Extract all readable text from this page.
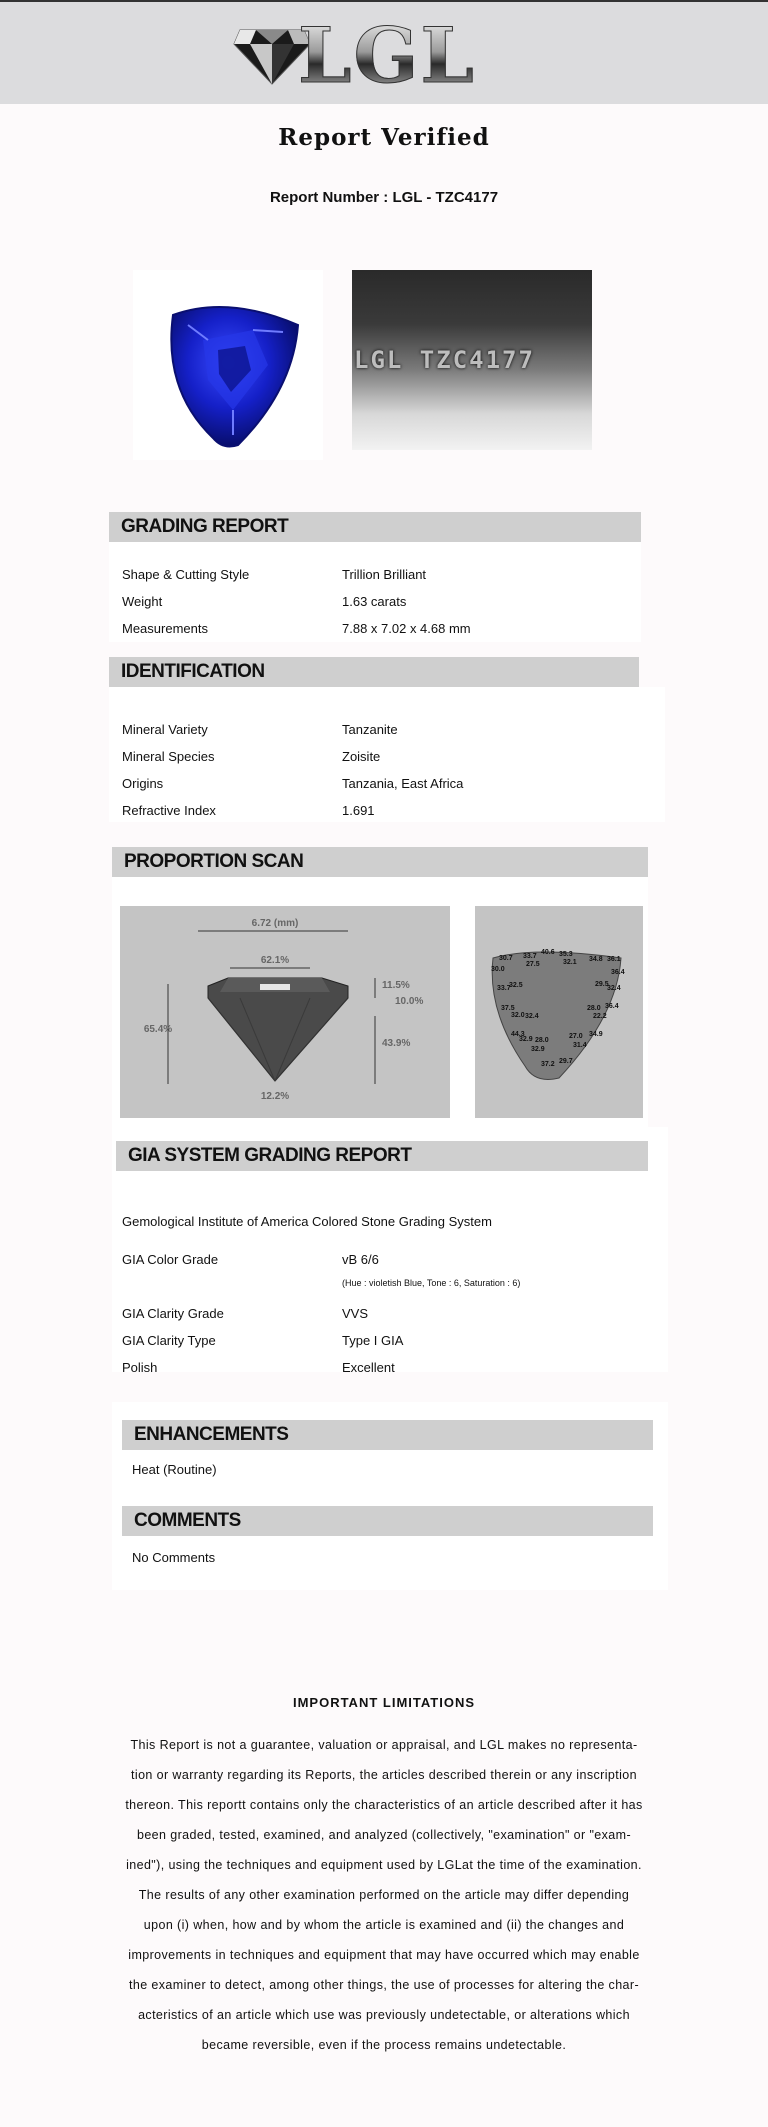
LGL
Report Verified
Report Number : LGL - TZC4177
LGL TZC4177
GRADING REPORT
Shape & Cutting Style	Trillion Brilliant
Weight	1.63 carats
Measurements	7.88 x 7.02 x 4.68 mm
IDENTIFICATION
Mineral Variety	Tanzanite
Mineral Species	Zoisite
Origins	Tanzania, East Africa
Refractive Index	1.691
PROPORTION SCAN
6.72 (mm)
62.1%
65.4%
11.5%
10.0%
43.9%
12.2%
30.7 33.7
40.6 35.3
34.8 36.1
30.0
27.5	32.1
36.4
33.7
32.5	29.5
32.4
37.5	28.0 36.4
32.0 32.4	22.2
44.3
32.9 28.0
27.0 34.9
32.9
31.4
37.2 29.7
GIA SYSTEM GRADING REPORT
Gemological Institute of America Colored Stone Grading System
GIA Color Grade	vB 6/6
(Hue : violetish Blue, Tone : 6, Saturation : 6)
GIA Clarity Grade	VVS
GIA Clarity Type	Type I GIA
Polish	Excellent
ENHANCEMENTS
Heat (Routine)
COMMENTS
No Comments
IMPORTANT LIMITATIONS
This Report is not a guarantee, valuation or appraisal, and LGL makes no representa-
tion or warranty regarding its Reports, the articles described therein or any inscription
thereon. This reportt contains only the characteristics of an article described after it has
been graded, tested, examined, and analyzed (collectively, "examination" or "exam-
ined"), using the techniques and equipment used by LGLat the time of the examination.
The results of any other examination performed on the article may differ depending
upon (i) when, how and by whom the article is examined and (ii) the changes and
improvements in techniques and equipment that may have occurred which may enable
the examiner to detect, among other things, the use of processes for altering the char-
acteristics of an article which use was previously undetectable, or alterations which
became reversible, even if the process remains undetectable.
